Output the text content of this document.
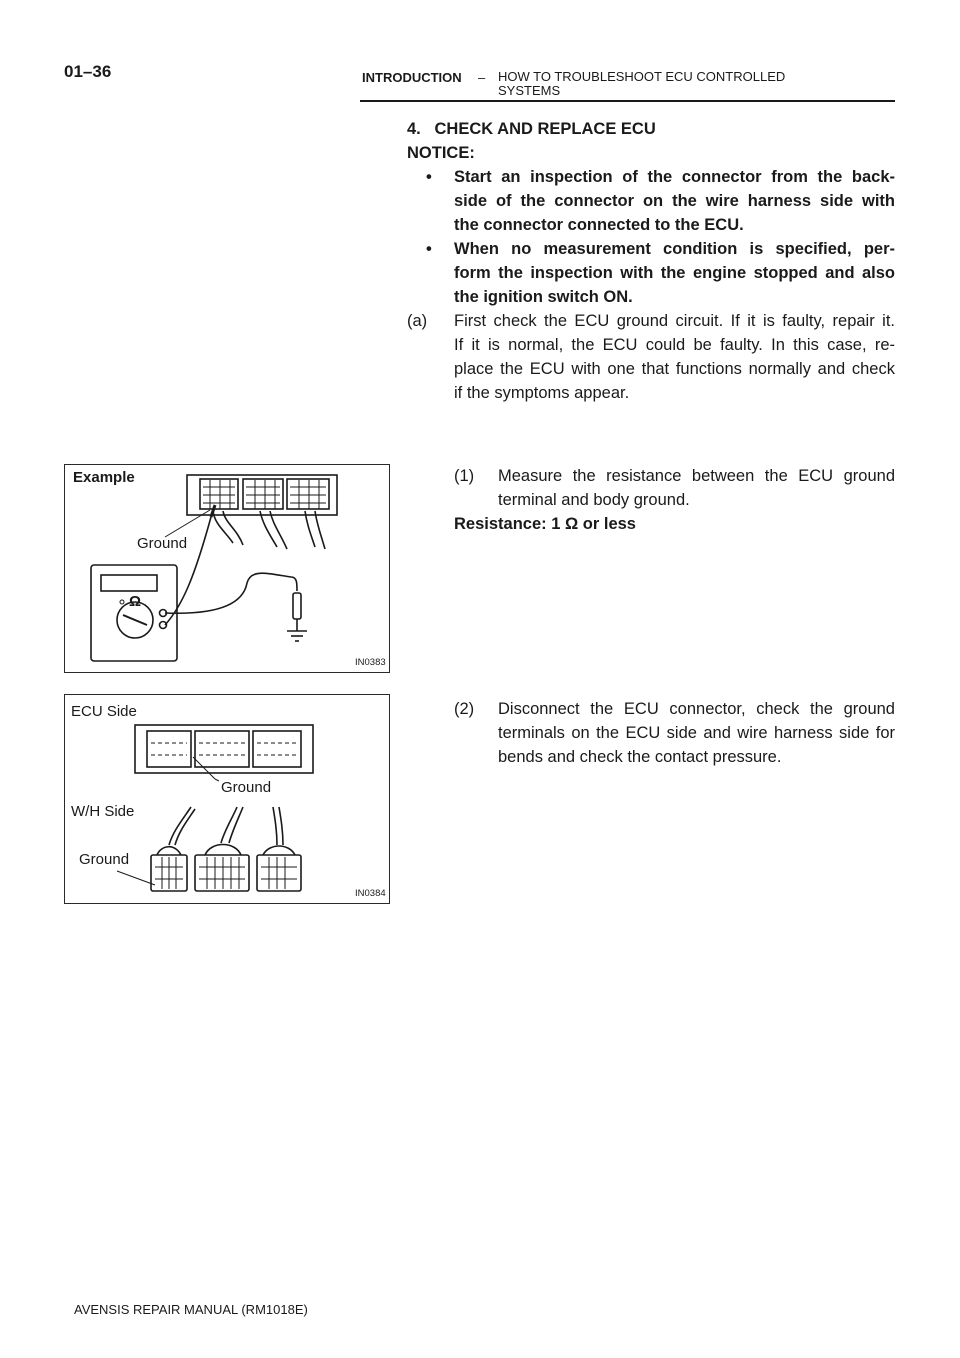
01–36	INTRODUCTION – HOW TO TROUBLESHOOT ECU CONTROLLED
SYSTEMS
4.   CHECK AND REPLACE ECU
NOTICE:
• Start an inspection of the connector from the back-
side of the connector on the wire harness side with
the connector connected to the ECU.
• When no measurement condition is specified, per-
form the inspection with the engine stopped and also
the ignition switch ON.
(a) First check the ECU ground circuit. If it is faulty, repair it.
If it is normal, the ECU could be faulty. In this case, re-
place the ECU with one that functions normally and check
if the symptoms appear.
(1) Measure the resistance between the ECU ground
terminal and body ground.
Resistance: 1 Ω or less
(2) Disconnect the ECU connector, check the ground
terminals on the ECU side and wire harness side for
bends and check the contact pressure.
Example
Ground
Ω
IN0383
ECU Side
Ground
W/H Side
Ground
IN0384
AVENSIS REPAIR MANUAL (RM1018E)
